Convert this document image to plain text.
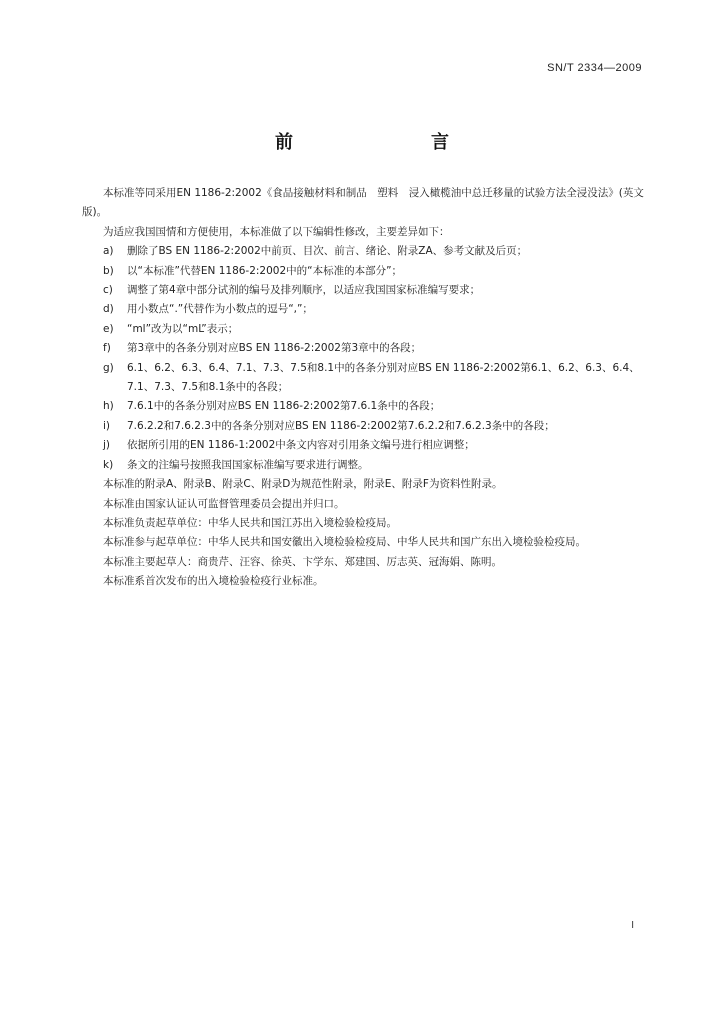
SN/T 2334—2009
前　　言

本标准等同采用EN 1186-2:2002《食品接触材料和制品　塑料　浸入橄榄油中总迁移量的试验方法全浸没法》(英文版)。

为适应我国国情和方便使用，本标准做了以下编辑性修改，主要差异如下：

a)	删除了BS EN 1186-2:2002中前页、目次、前言、绪论、附录ZA、参考文献及后页；
b)	以“本标准”代替EN 1186-2:2002中的“本标准的本部分”；
c)	调整了第4章中部分试剂的编号及排列顺序，以适应我国国家标准编写要求；
d)	用小数点“.”代替作为小数点的逗号“,”；
e)	“ml”改为以“mL”表示；
f)	第3章中的各条分别对应BS EN 1186-2:2002第3章中的各段；
g)	6.1、6.2、6.3、6.4、7.1、7.3、7.5和8.1中的各条分别对应BS EN 1186-2:2002第6.1、6.2、6.3、6.4、7.1、7.3、7.5和8.1条中的各段；
h)	7.6.1中的各条分别对应BS EN 1186-2:2002第7.6.1条中的各段；
i)	7.6.2.2和7.6.2.3中的各条分别对应BS EN 1186-2:2002第7.6.2.2和7.6.2.3条中的各段；
j)	依据所引用的EN 1186-1:2002中条文内容对引用条文编号进行相应调整；
k)	条文的注编号按照我国国家标准编写要求进行调整。

本标准的附录A、附录B、附录C、附录D为规范性附录，附录E、附录F为资料性附录。

本标准由国家认证认可监督管理委员会提出并归口。

本标准负责起草单位：中华人民共和国江苏出入境检验检疫局。

本标准参与起草单位：中华人民共和国安徽出入境检验检疫局、中华人民共和国广东出入境检验检疫局。

本标准主要起草人：商贵芹、汪容、徐英、卞学东、郑建国、厉志英、冠海娟、陈明。

本标准系首次发布的出入境检验检疫行业标准。

I
